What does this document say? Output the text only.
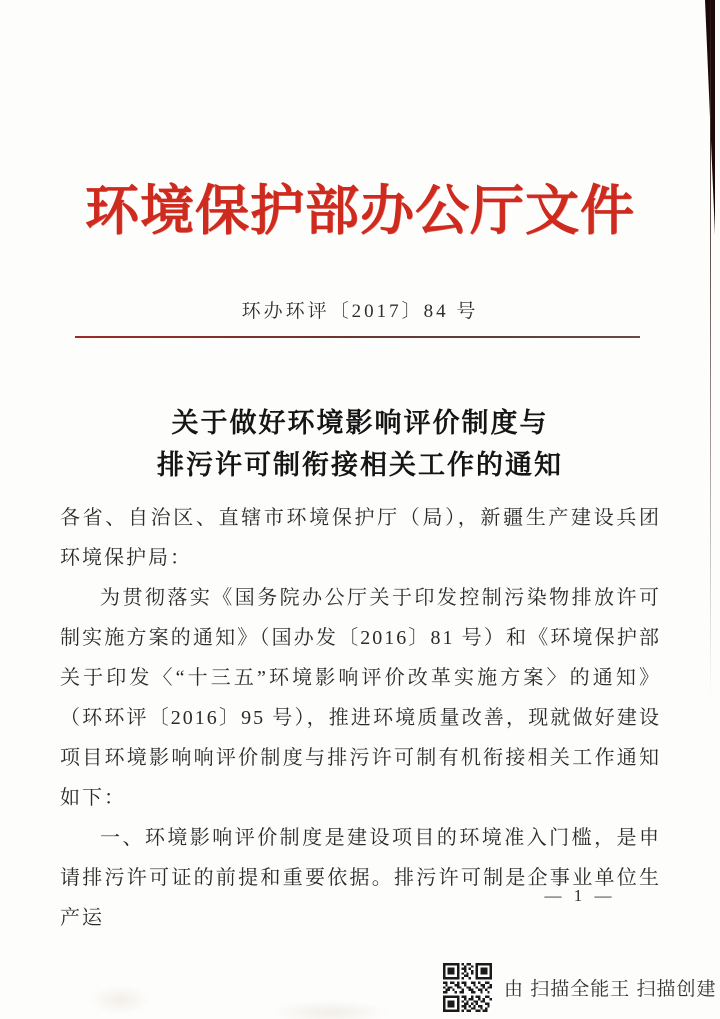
环境保护部办公厅文件
环办环评〔2017〕84 号
关于做好环境影响评价制度与
排污许可制衔接相关工作的通知

各省、自治区、直辖市环境保护厅（局），新疆生产建设兵团环境保护局：

为贯彻落实《国务院办公厅关于印发控制污染物排放许可制实施方案的通知》（国办发〔2016〕81 号）和《环境保护部关于印发〈“十三五”环境影响评价改革实施方案〉的通知》（环环评〔2016〕95 号），推进环境质量改善，现就做好建设项目环境影响响评价制度与排污许可制有机衔接相关工作通知如下：

一、环境影响评价制度是建设项目的环境准入门槛，是申请排污许可证的前提和重要依据。排污许可制是企事业单位生产运

— 1 —
由 扫描全能王 扫描创建
